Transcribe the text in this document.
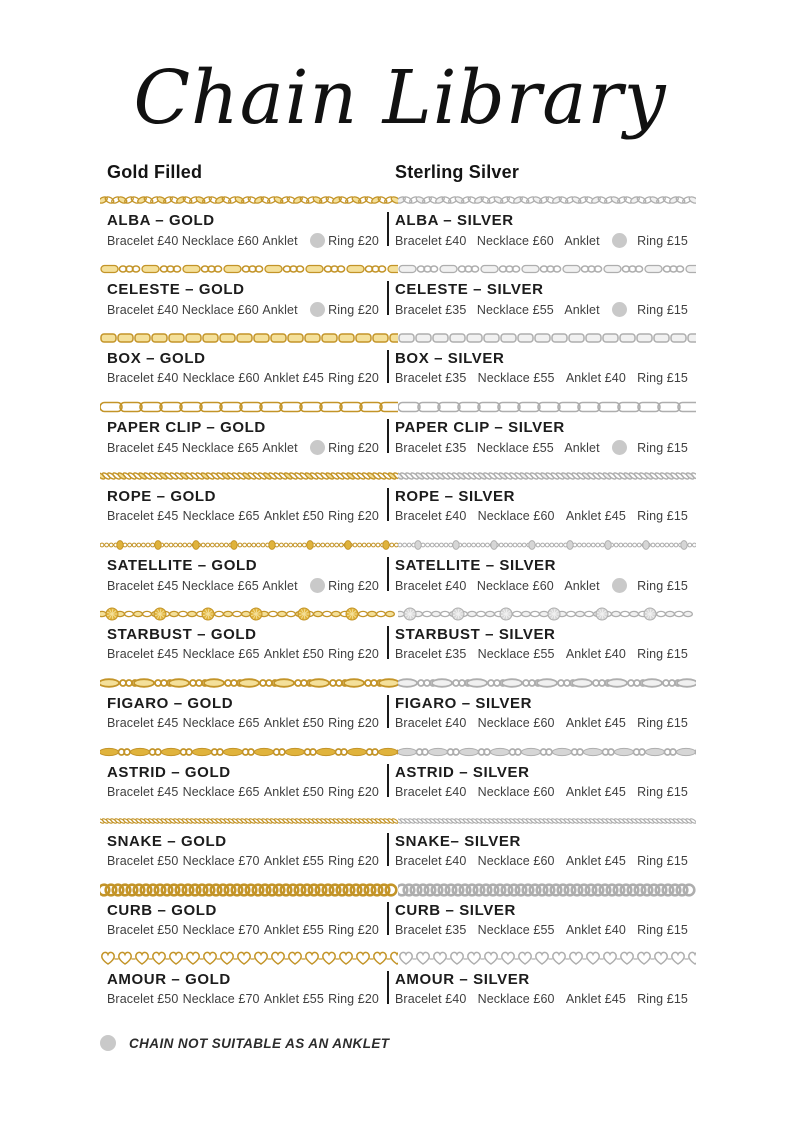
Chain Library
Gold Filled	Sterling Silver
ALBA – GOLD
Bracelet £40 Necklace £60 Anklet Ring £20
ALBA – SILVER
Bracelet £40 Necklace £60 Anklet	Ring £15
CELESTE – GOLD
Bracelet £40 Necklace £60 Anklet Ring £20
CELESTE – SILVER
Bracelet £35 Necklace £55 Anklet	Ring £15
BOX – GOLD
Bracelet £40 Necklace £60 Anklet £45 Ring £20
BOX – SILVER
Bracelet £35 Necklace £55 Anklet £40 Ring £15
PAPER CLIP – GOLD
Bracelet £45 Necklace £65 Anklet Ring £20
PAPER CLIP – SILVER
Bracelet £35 Necklace £55 Anklet	Ring £15
ROPE – GOLD
Bracelet £45 Necklace £65 Anklet £50 Ring £20
ROPE – SILVER
Bracelet £40 Necklace £60 Anklet £45 Ring £15
SATELLITE – GOLD
Bracelet £45 Necklace £65 Anklet Ring £20
SATELLITE – SILVER
Bracelet £40 Necklace £60 Anklet	Ring £15
STARBUST – GOLD
Bracelet £45 Necklace £65 Anklet £50 Ring £20
STARBUST – SILVER
Bracelet £35 Necklace £55 Anklet £40 Ring £15
FIGARO – GOLD
Bracelet £45 Necklace £65 Anklet £50 Ring £20
FIGARO – SILVER
Bracelet £40 Necklace £60 Anklet £45 Ring £15
ASTRID – GOLD
Bracelet £45 Necklace £65 Anklet £50 Ring £20
ASTRID – SILVER
Bracelet £40 Necklace £60 Anklet £45 Ring £15
SNAKE – GOLD
Bracelet £50 Necklace £70 Anklet £55 Ring £20
SNAKE– SILVER
Bracelet £40 Necklace £60 Anklet £45 Ring £15
CURB – GOLD
Bracelet £50 Necklace £70 Anklet £55 Ring £20
CURB – SILVER
Bracelet £35 Necklace £55 Anklet £40 Ring £15
AMOUR – GOLD
Bracelet £50 Necklace £70 Anklet £55 Ring £20
AMOUR – SILVER
Bracelet £40 Necklace £60 Anklet £45 Ring £15
CHAIN NOT SUITABLE AS AN ANKLET
